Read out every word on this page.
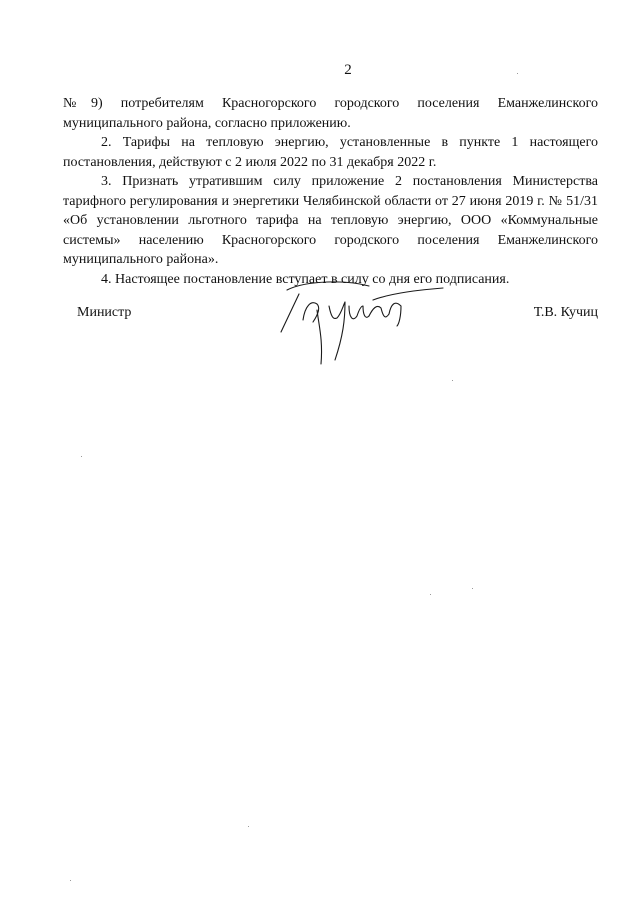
2

№9) потребителям Красногорского городского поселения Еманжелинского муниципального района, согласно приложению.

2. Тарифы на тепловую энергию, установленные в пункте 1 настоящего постановления, действуют с 2 июля 2022 по 31 декабря 2022 г.

3. Признать утратившим силу приложение 2 постановления Министерства тарифного регулирования и энергетики Челябинской области от 27 июня 2019 г. № 51/31 «Об установлении льготного тарифа на тепловую энергию, ООО «Коммунальные системы» населению Красногорского городского поселения Еманжелинского муниципального района».

4. Настоящее постановление вступает в силу со дня его подписания.

Министр	Т.В. Кучиц
